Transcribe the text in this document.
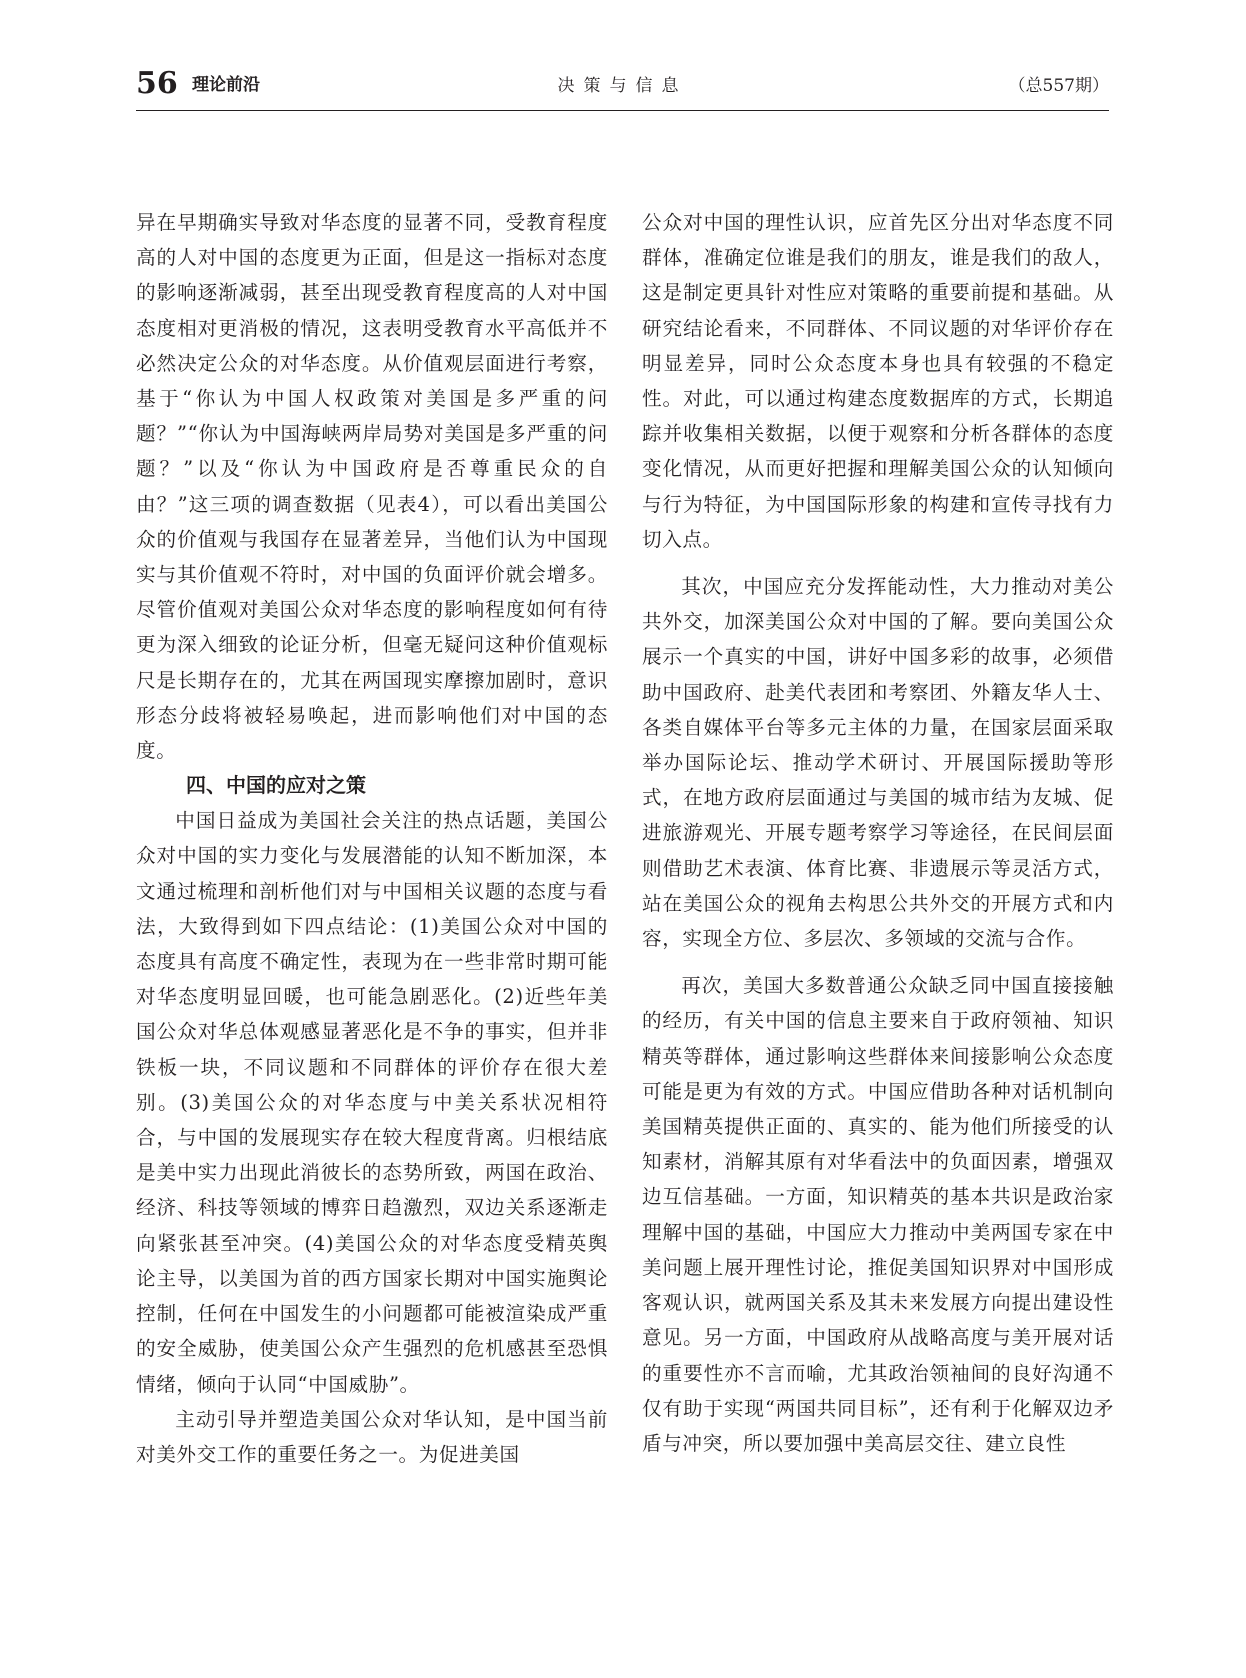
56 理论前沿	决策与信息	（总557期）

异在早期确实导致对华态度的显著不同，受教育程度高的人对中国的态度更为正面，但是这一指标对态度的影响逐渐减弱，甚至出现受教育程度高的人对中国态度相对更消极的情况，这表明受教育水平高低并不必然决定公众的对华态度。从价值观层面进行考察，基于“你认为中国人权政策对美国是多严重的问题？”“你认为中国海峡两岸局势对美国是多严重的问题？”以及“你认为中国政府是否尊重民众的自由？”这三项的调查数据（见表4），可以看出美国公众的价值观与我国存在显著差异，当他们认为中国现实与其价值观不符时，对中国的负面评价就会增多。尽管价值观对美国公众对华态度的影响程度如何有待更为深入细致的论证分析，但毫无疑问这种价值观标尺是长期存在的，尤其在两国现实摩擦加剧时，意识形态分歧将被轻易唤起，进而影响他们对中国的态度。

四、中国的应对之策

中国日益成为美国社会关注的热点话题，美国公众对中国的实力变化与发展潜能的认知不断加深，本文通过梳理和剖析他们对与中国相关议题的态度与看法，大致得到如下四点结论：(1)美国公众对中国的态度具有高度不确定性，表现为在一些非常时期可能对华态度明显回暖，也可能急剧恶化。(2)近些年美国公众对华总体观感显著恶化是不争的事实，但并非铁板一块，不同议题和不同群体的评价存在很大差别。(3)美国公众的对华态度与中美关系状况相符合，与中国的发展现实存在较大程度背离。归根结底是美中实力出现此消彼长的态势所致，两国在政治、经济、科技等领域的博弈日趋激烈，双边关系逐渐走向紧张甚至冲突。(4)美国公众的对华态度受精英舆论主导，以美国为首的西方国家长期对中国实施舆论控制，任何在中国发生的小问题都可能被渲染成严重的安全威胁，使美国公众产生强烈的危机感甚至恐惧情绪，倾向于认同“中国威胁”。

主动引导并塑造美国公众对华认知，是中国当前对美外交工作的重要任务之一。为促进美国

公众对中国的理性认识，应首先区分出对华态度不同群体，准确定位谁是我们的朋友，谁是我们的敌人，这是制定更具针对性应对策略的重要前提和基础。从研究结论看来，不同群体、不同议题的对华评价存在明显差异，同时公众态度本身也具有较强的不稳定性。对此，可以通过构建态度数据库的方式，长期追踪并收集相关数据，以便于观察和分析各群体的态度变化情况，从而更好把握和理解美国公众的认知倾向与行为特征，为中国国际形象的构建和宣传寻找有力切入点。

其次，中国应充分发挥能动性，大力推动对美公共外交，加深美国公众对中国的了解。要向美国公众展示一个真实的中国，讲好中国多彩的故事，必须借助中国政府、赴美代表团和考察团、外籍友华人士、各类自媒体平台等多元主体的力量，在国家层面采取举办国际论坛、推动学术研讨、开展国际援助等形式，在地方政府层面通过与美国的城市结为友城、促进旅游观光、开展专题考察学习等途径，在民间层面则借助艺术表演、体育比赛、非遗展示等灵活方式，站在美国公众的视角去构思公共外交的开展方式和内容，实现全方位、多层次、多领域的交流与合作。

再次，美国大多数普通公众缺乏同中国直接接触的经历，有关中国的信息主要来自于政府领袖、知识精英等群体，通过影响这些群体来间接影响公众态度可能是更为有效的方式。中国应借助各种对话机制向美国精英提供正面的、真实的、能为他们所接受的认知素材，消解其原有对华看法中的负面因素，增强双边互信基础。一方面，知识精英的基本共识是政治家理解中国的基础，中国应大力推动中美两国专家在中美问题上展开理性讨论，推促美国知识界对中国形成客观认识，就两国关系及其未来发展方向提出建设性意见。另一方面，中国政府从战略高度与美开展对话的重要性亦不言而喻，尤其政治领袖间的良好沟通不仅有助于实现“两国共同目标”，还有利于化解双边矛盾与冲突，所以要加强中美高层交往、建立良性
